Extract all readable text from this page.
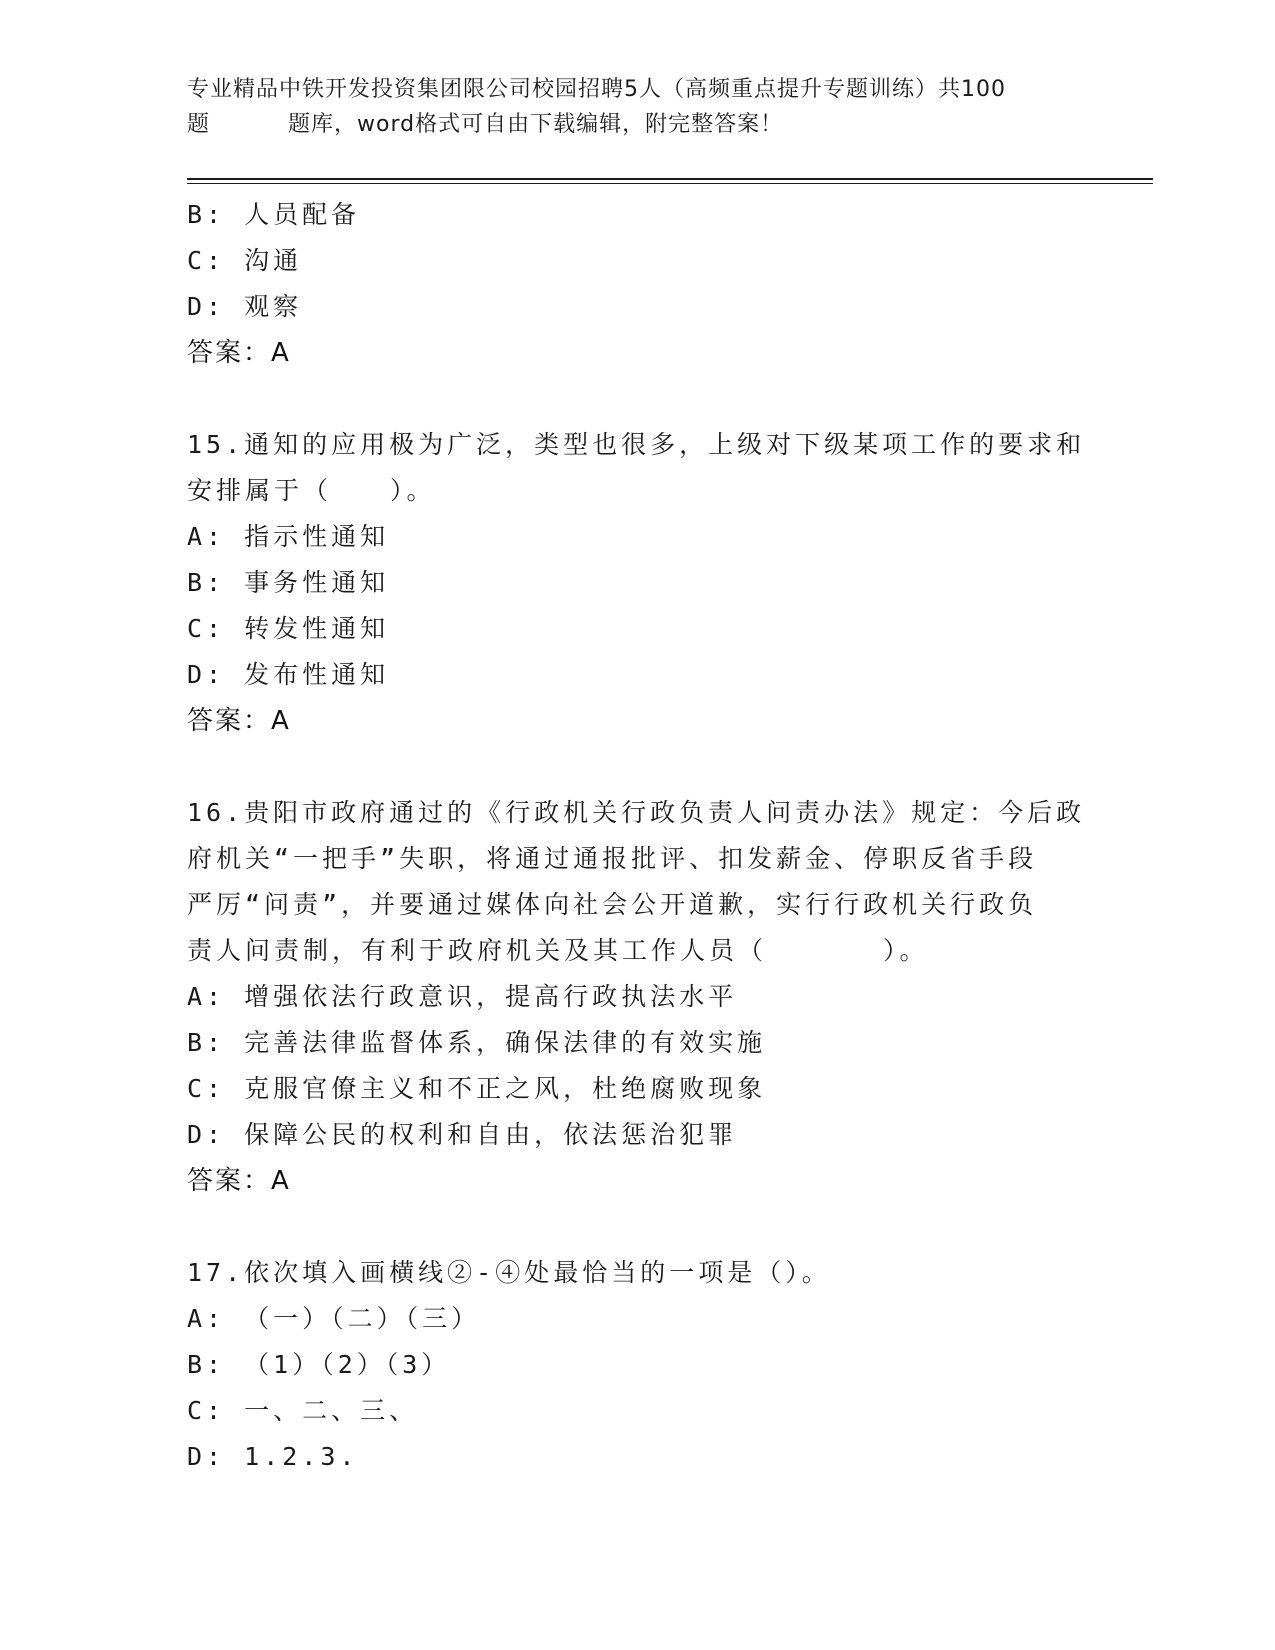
专业精品中铁开发投资集团限公司校园招聘5人（高频重点提升专题训练）共100
题	题库，word格式可自由下载编辑，附完整答案！
B: 人员配备
C: 沟通
D: 观察
答案：A
15.通知的应用极为广泛，类型也很多，上级对下级某项工作的要求和
安排属于（　　）。
A: 指示性通知
B: 事务性通知
C: 转发性通知
D: 发布性通知
答案：A
16.贵阳市政府通过的《行政机关行政负责人问责办法》规定：今后政
府机关“一把手”失职，将通过通报批评、扣发薪金、停职反省手段
严厉“问责”，并要通过媒体向社会公开道歉，实行行政机关行政负
责人问责制，有利于政府机关及其工作人员（　　　　）。
A: 增强依法行政意识，提高行政执法水平
B: 完善法律监督体系，确保法律的有效实施
C: 克服官僚主义和不正之风，杜绝腐败现象
D: 保障公民的权利和自由，依法惩治犯罪
答案：A
17.依次填入画横线②-④处最恰当的一项是（）。
A: （一）（二）（三）
B: （1）（2）（3）
C: 一、二、三、
D: 1.2.3.
